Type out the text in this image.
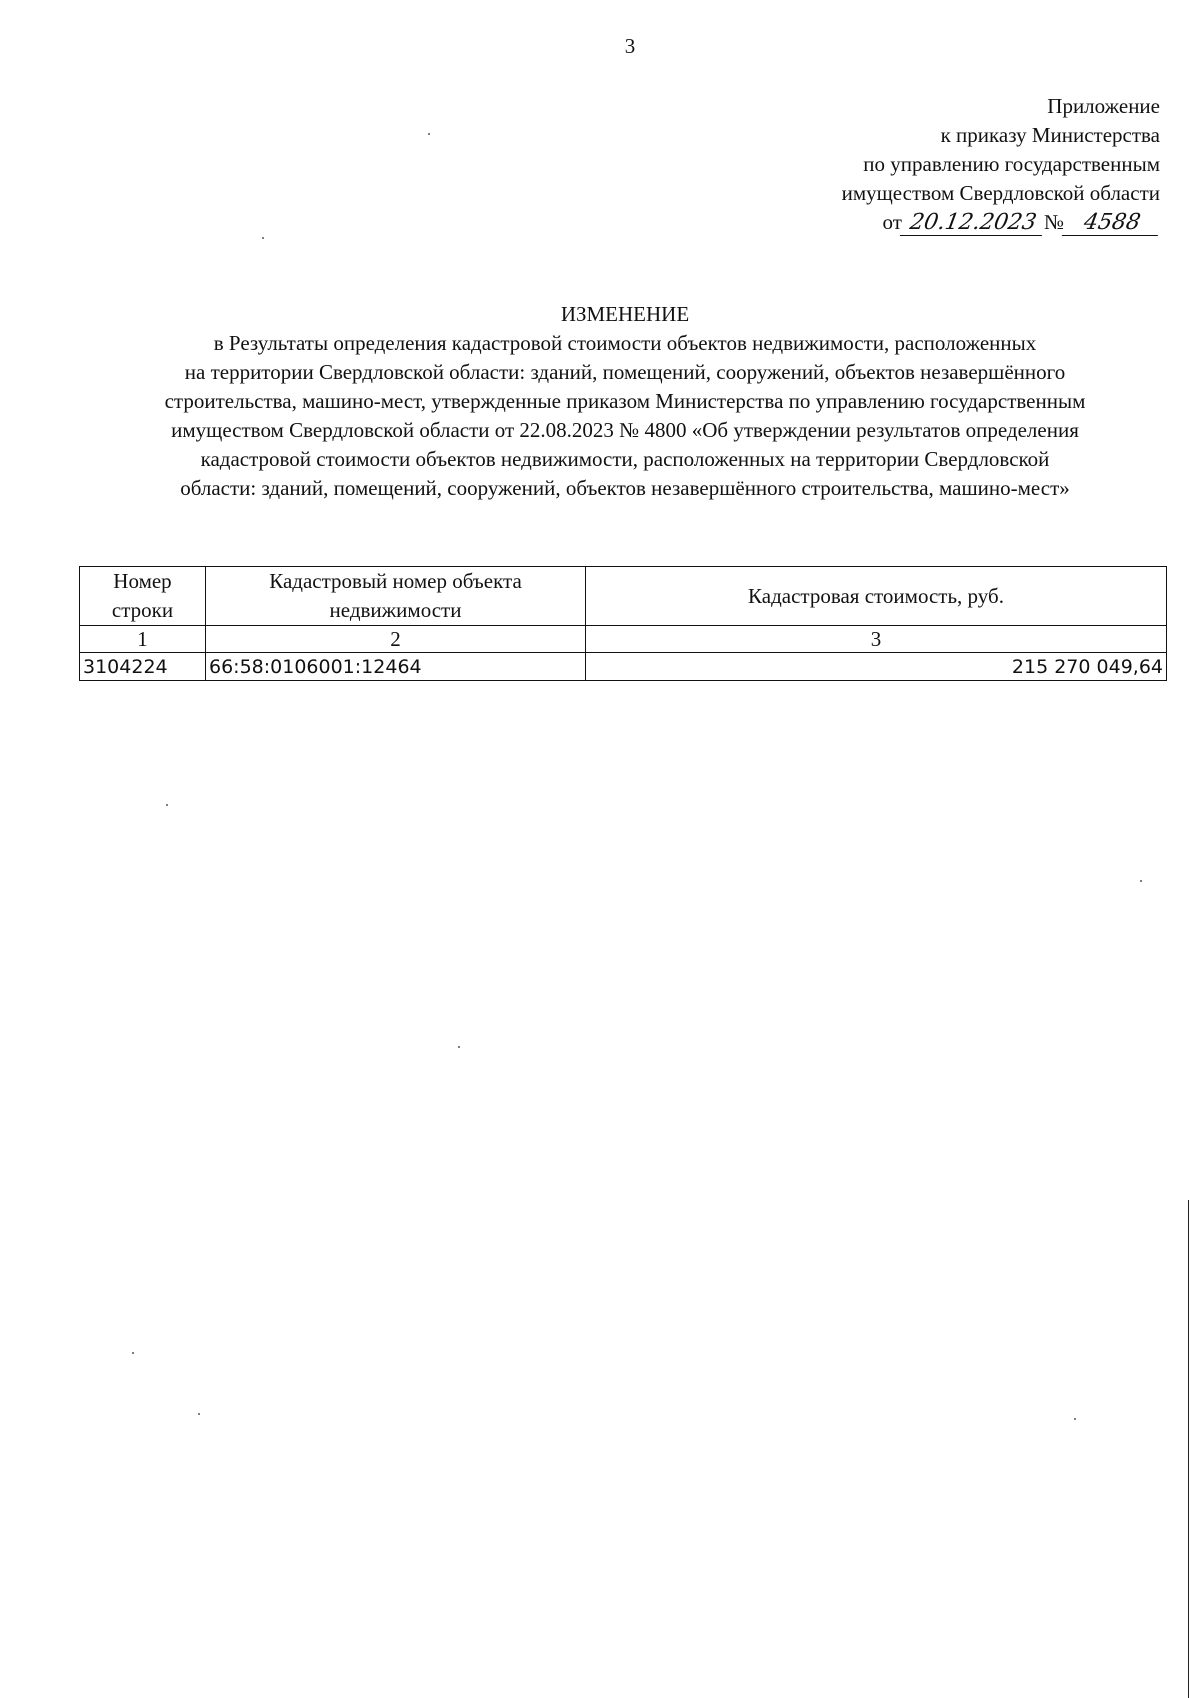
3
Приложение
к приказу Министерства
по управлению государственным
имуществом Свердловской области
от 20.12.2023 № 4588
ИЗМЕНЕНИЕ
в Результаты определения кадастровой стоимости объектов недвижимости, расположенных
на территории Свердловской области: зданий, помещений, сооружений, объектов незавершённого
строительства, машино-мест, утвержденные приказом Министерства по управлению государственным
имуществом Свердловской области от 22.08.2023 № 4800 «Об утверждении результатов определения
кадастровой стоимости объектов недвижимости, расположенных на территории Свердловской
области: зданий, помещений, сооружений, объектов незавершённого строительства, машино-мест»
Номер строки	Кадастровый номер объекта недвижимости	Кадастровая стоимость, руб.
1	2	3
3104224	66:58:0106001:12464	215 270 049,64
